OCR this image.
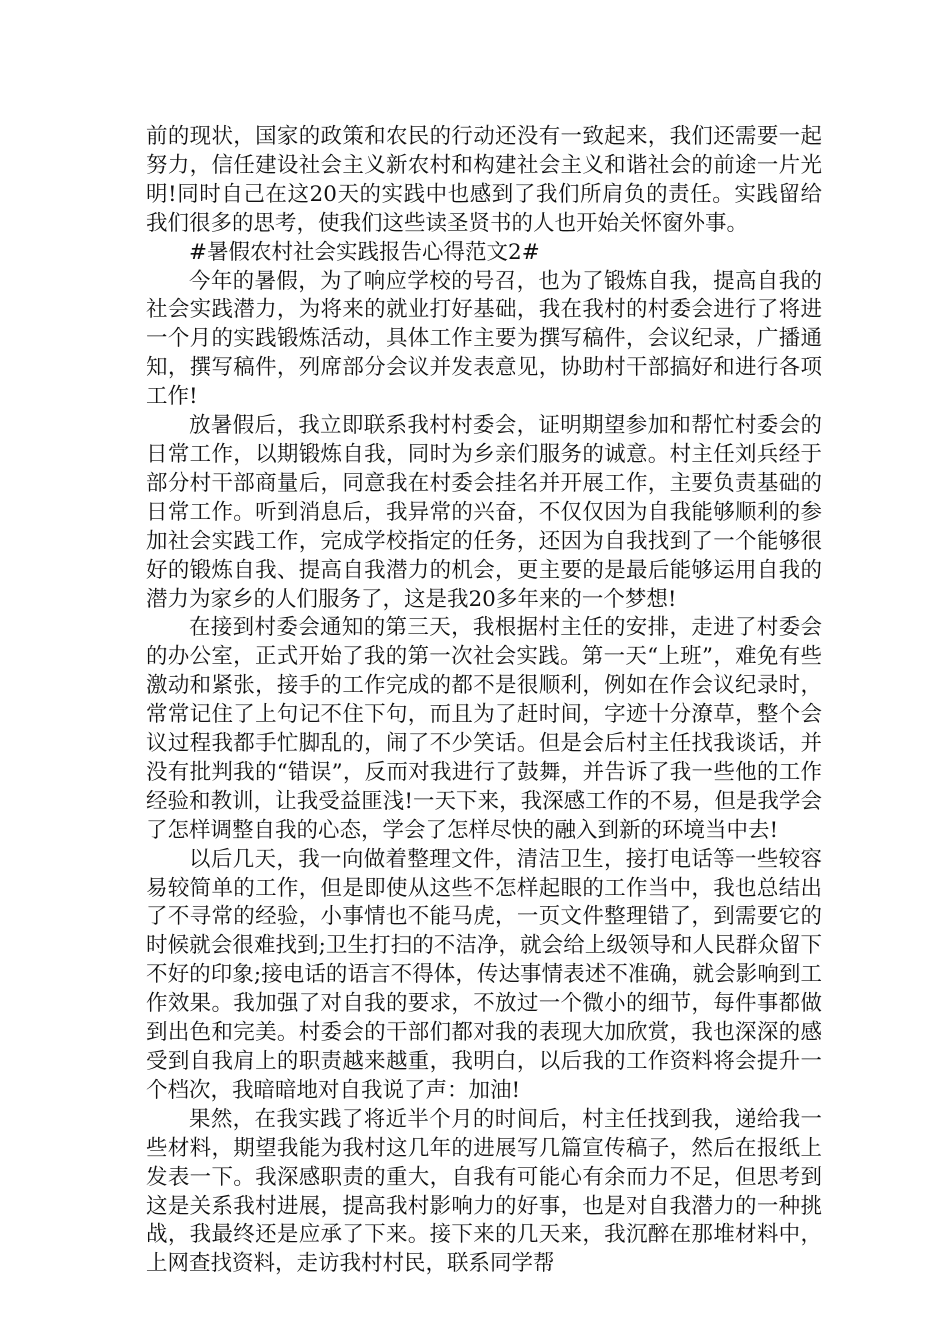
前的现状，国家的政策和农民的行动还没有一致起来，我们还需要一起努力，信任建设社会主义新农村和构建社会主义和谐社会的前途一片光明!同时自己在这20天的实践中也感到了我们所肩负的责任。实践留给我们很多的思考，使我们这些读圣贤书的人也开始关怀窗外事。

#暑假农村社会实践报告心得范文2#

今年的暑假，为了响应学校的号召，也为了锻炼自我，提高自我的社会实践潜力，为将来的就业打好基础，我在我村的村委会进行了将进一个月的实践锻炼活动，具体工作主要为撰写稿件，会议纪录，广播通知，撰写稿件，列席部分会议并发表意见，协助村干部搞好和进行各项工作!

放暑假后，我立即联系我村村委会，证明期望参加和帮忙村委会的日常工作，以期锻炼自我，同时为乡亲们服务的诚意。村主任刘兵经于部分村干部商量后，同意我在村委会挂名并开展工作，主要负责基础的日常工作。听到消息后，我异常的兴奋，不仅仅因为自我能够顺利的参加社会实践工作，完成学校指定的任务，还因为自我找到了一个能够很好的锻炼自我、提高自我潜力的机会，更主要的是最后能够运用自我的潜力为家乡的人们服务了，这是我20多年来的一个梦想!

在接到村委会通知的第三天，我根据村主任的安排，走进了村委会的办公室，正式开始了我的第一次社会实践。第一天“上班”，难免有些激动和紧张，接手的工作完成的都不是很顺利，例如在作会议纪录时，常常记住了上句记不住下句，而且为了赶时间，字迹十分潦草，整个会议过程我都手忙脚乱的，闹了不少笑话。但是会后村主任找我谈话，并没有批判我的“错误”，反而对我进行了鼓舞，并告诉了我一些他的工作经验和教训，让我受益匪浅!一天下来，我深感工作的不易，但是我学会了怎样调整自我的心态，学会了怎样尽快的融入到新的环境当中去!

以后几天，我一向做着整理文件，清洁卫生，接打电话等一些较容易较简单的工作，但是即使从这些不怎样起眼的工作当中，我也总结出了不寻常的经验，小事情也不能马虎，一页文件整理错了，到需要它的时候就会很难找到;卫生打扫的不洁净，就会给上级领导和人民群众留下不好的印象;接电话的语言不得体，传达事情表述不准确，就会影响到工作效果。我加强了对自我的要求，不放过一个微小的细节，每件事都做到出色和完美。村委会的干部们都对我的表现大加欣赏，我也深深的感受到自我肩上的职责越来越重，我明白，以后我的工作资料将会提升一个档次，我暗暗地对自我说了声：加油!

果然，在我实践了将近半个月的时间后，村主任找到我，递给我一些材料，期望我能为我村这几年的进展写几篇宣传稿子，然后在报纸上发表一下。我深感职责的重大，自我有可能心有余而力不足，但思考到这是关系我村进展，提高我村影响力的好事，也是对自我潜力的一种挑战，我最终还是应承了下来。接下来的几天来，我沉醉在那堆材料中，上网查找资料，走访我村村民，联系同学帮
